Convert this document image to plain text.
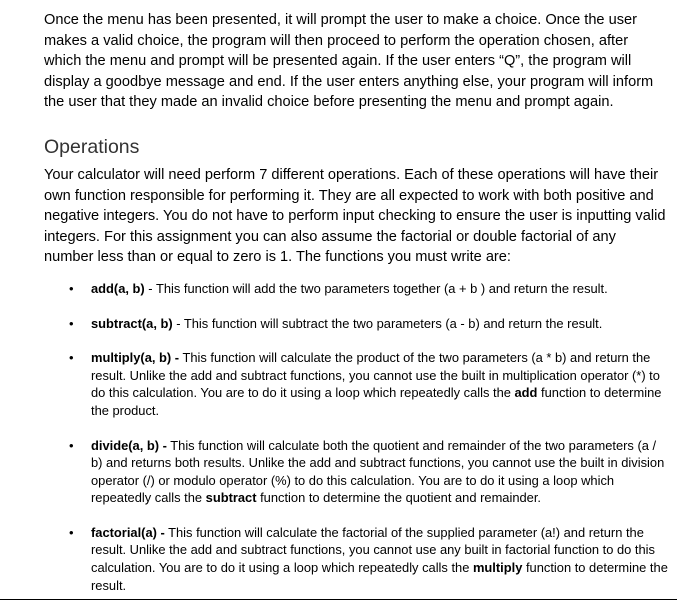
Once the menu has been presented, it will prompt the user to make a choice. Once the user makes a valid choice, the program will then proceed to perform the operation chosen, after which the menu and prompt will be presented again. If the user enters “Q”, the program will display a goodbye message and end. If the user enters anything else, your program will inform the user that they made an invalid choice before presenting the menu and prompt again.

Operations

Your calculator will need perform 7 different operations. Each of these operations will have their own function responsible for performing it. They are all expected to work with both positive and negative integers. You do not have to perform input checking to ensure the user is inputting valid integers. For this assignment you can also assume the factorial or double factorial of any number less than or equal to zero is 1. The functions you must write are:

• add(a, b) - This function will add the two parameters together (a + b ) and return the result.
• subtract(a, b) - This function will subtract the two parameters (a - b) and return the result.
• multiply(a, b) - This function will calculate the product of the two parameters (a * b) and return the result. Unlike the add and subtract functions, you cannot use the built in multiplication operator (*) to do this calculation. You are to do it using a loop which repeatedly calls the add function to determine the product.
• divide(a, b) - This function will calculate both the quotient and remainder of the two parameters (a / b) and returns both results. Unlike the add and subtract functions, you cannot use the built in division operator (/) or modulo operator (%) to do this calculation. You are to do it using a loop which repeatedly calls the subtract function to determine the quotient and remainder.
• factorial(a) - This function will calculate the factorial of the supplied parameter (a!) and return the result. Unlike the add and subtract functions, you cannot use any built in factorial function to do this calculation. You are to do it using a loop which repeatedly calls the multiply function to determine the result.
